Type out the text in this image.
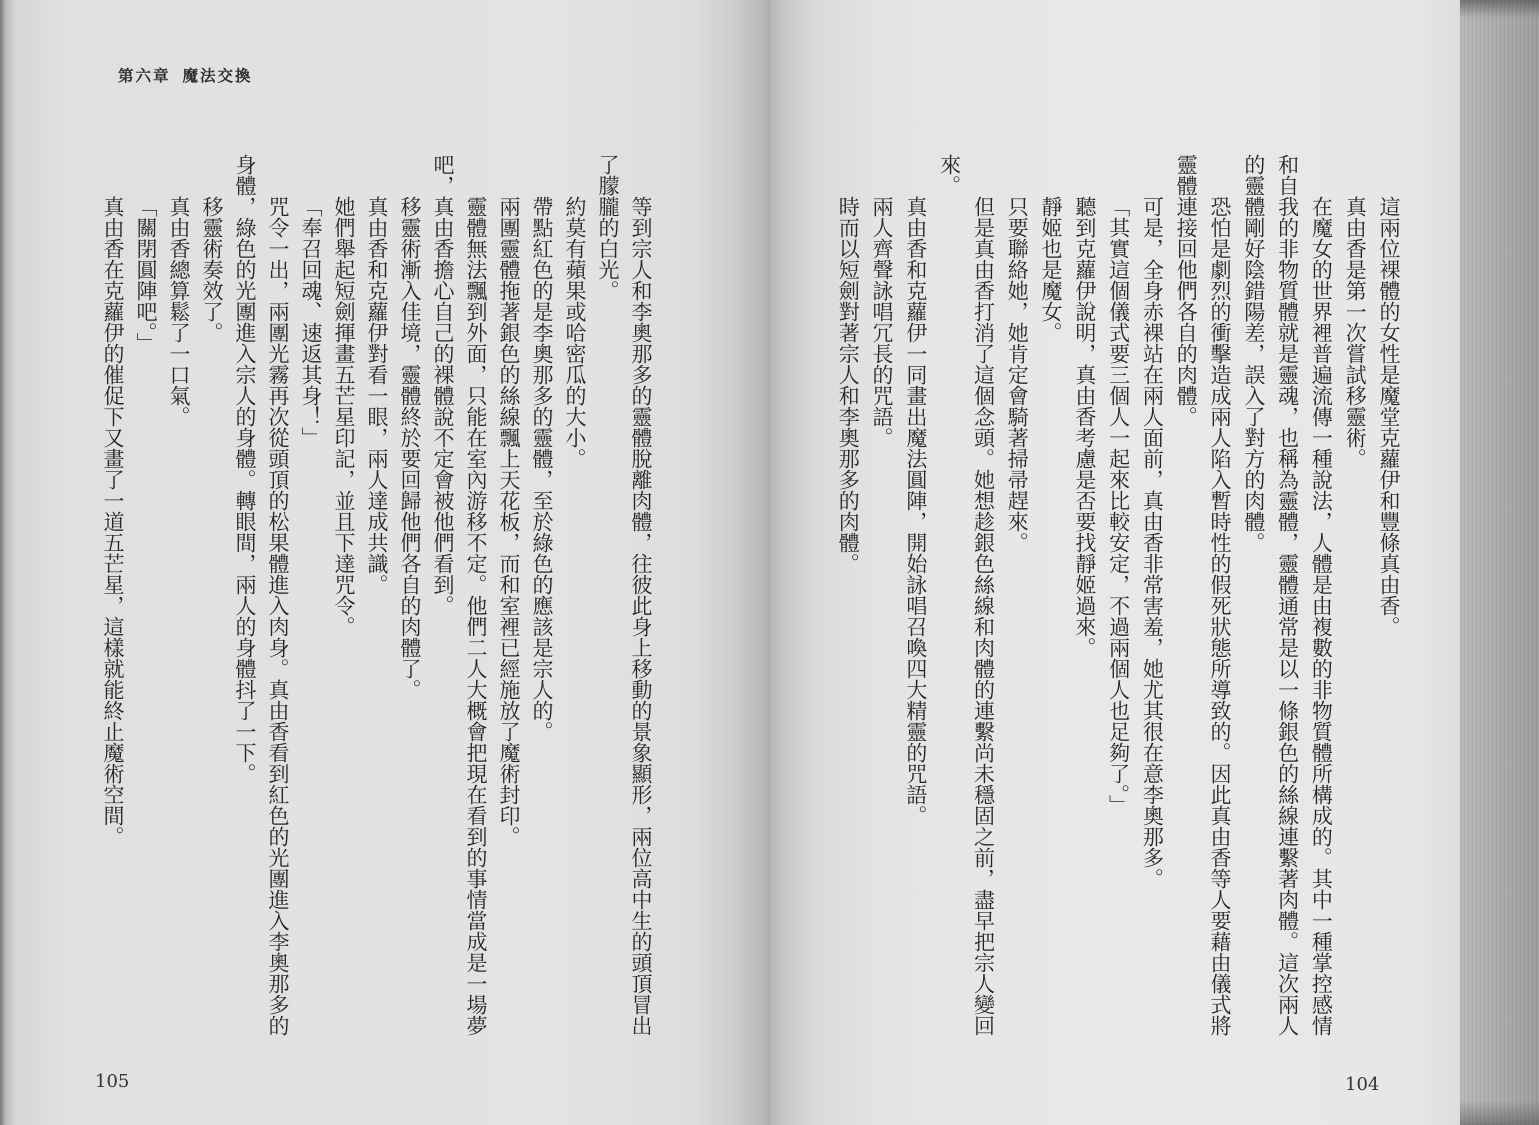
第六章 魔法交換
這兩位裸體的女性是魔堂克蘿伊和豐條真由香。
真由香是第一次嘗試移靈術。
在魔女的世界裡普遍流傳一種說法，人體是由複數的非物質體所構成的。其中一種掌控感情
和自我的非物質體就是靈魂，也稱為靈體，靈體通常是以一條銀色的絲線連繫著肉體。這次兩人
的靈體剛好陰錯陽差，誤入了對方的肉體。
恐怕是劇烈的衝擊造成兩人陷入暫時性的假死狀態所導致的。因此真由香等人要藉由儀式將
靈體連接回他們各自的肉體。
可是，全身赤裸站在兩人面前，真由香非常害羞，她尤其很在意李奧那多。
「其實這個儀式要三個人一起來比較安定，不過兩個人也足夠了。」
聽到克蘿伊說明，真由香考慮是否要找靜姬過來。
靜姬也是魔女。
只要聯絡她，她肯定會騎著掃帚趕來。
但是真由香打消了這個念頭。她想趁銀色絲線和肉體的連繫尚未穩固之前，盡早把宗人變回
來。
真由香和克蘿伊一同畫出魔法圓陣，開始詠唱召喚四大精靈的咒語。
兩人齊聲詠唱冗長的咒語。
時而以短劍對著宗人和李奧那多的肉體。
等到宗人和李奧那多的靈體脫離肉體，往彼此身上移動的景象顯形，兩位高中生的頭頂冒出
了朦朧的白光。
約莫有蘋果或哈密瓜的大小。
帶點紅色的是李奧那多的靈體，至於綠色的應該是宗人的。
兩團靈體拖著銀色的絲線飄上天花板，而和室裡已經施放了魔術封印。
靈體無法飄到外面，只能在室內游移不定。他們二人大概會把現在看到的事情當成是一場夢
吧，真由香擔心自己的裸體說不定會被他們看到。
移靈術漸入佳境，靈體終於要回歸他們各自的肉體了。
真由香和克蘿伊對看一眼，兩人達成共識。
她們舉起短劍揮畫五芒星印記，並且下達咒令。
「奉召回魂、速返其身！」
咒令一出，兩團光霧再次從頭頂的松果體進入肉身。真由香看到紅色的光團進入李奧那多的
身體，綠色的光團進入宗人的身體。轉眼間，兩人的身體抖了一下。
移靈術奏效了。
真由香總算鬆了一口氣。
「關閉圓陣吧。」
真由香在克蘿伊的催促下又畫了一道五芒星，這樣就能終止魔術空間。
105	104
